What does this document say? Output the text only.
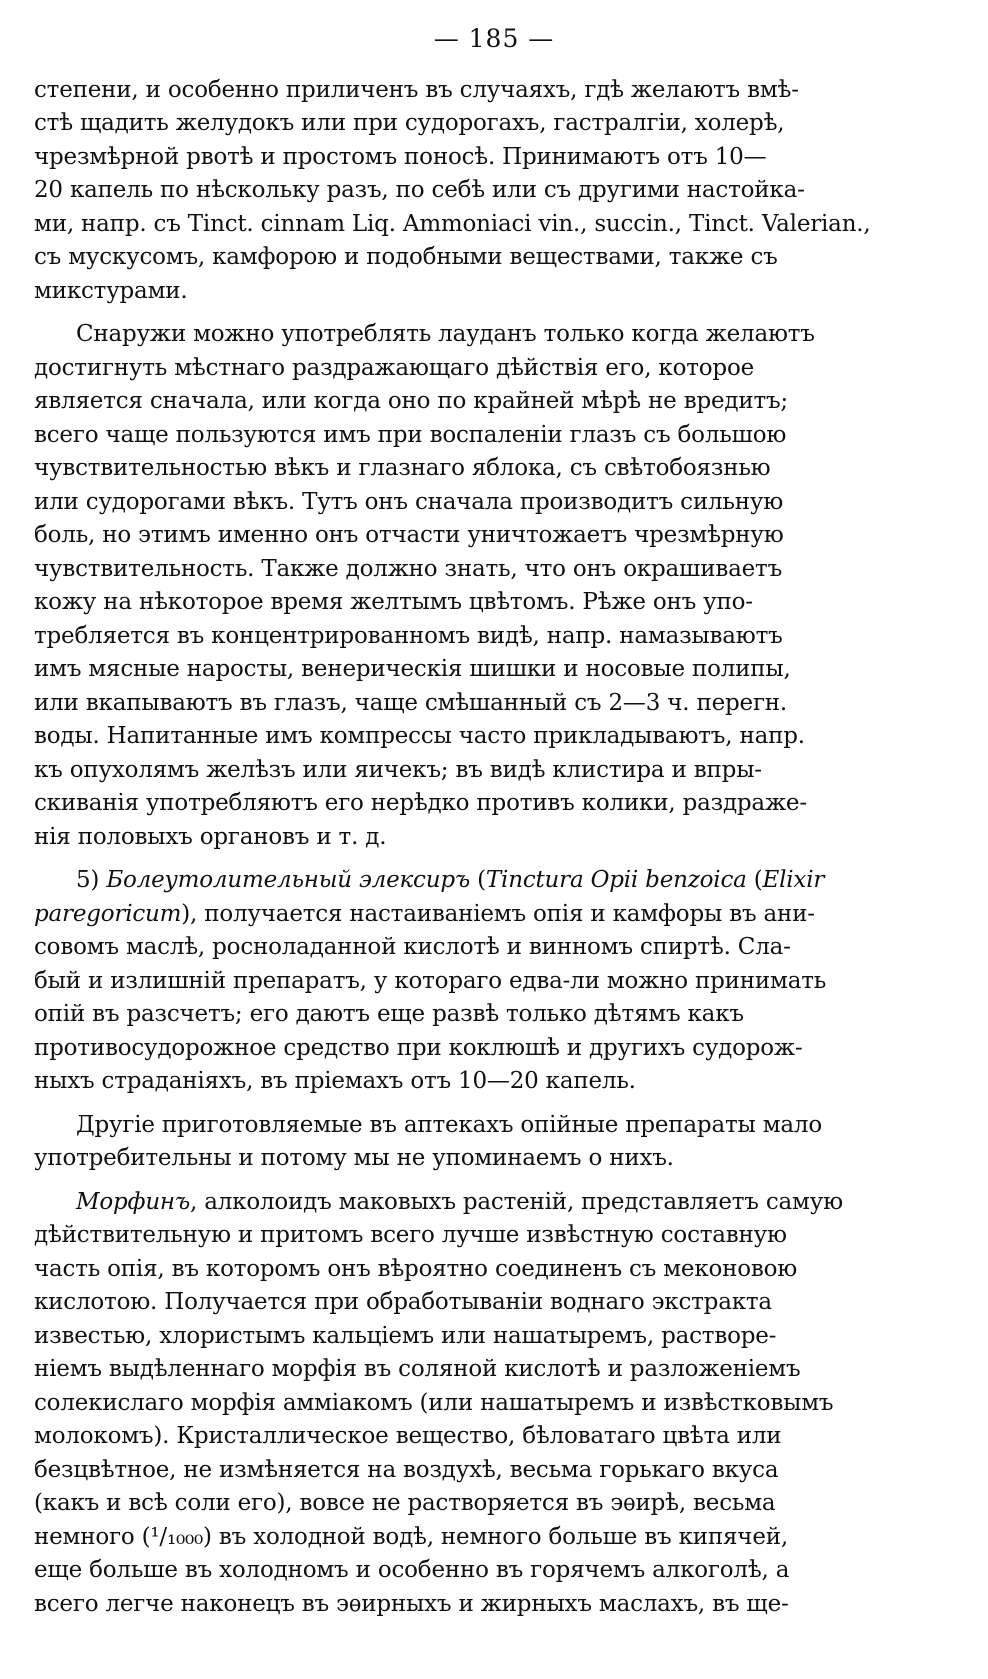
— 185 —
степени, и особенно приличенъ въ случаяхъ, гдѣ желаютъ вмѣ-
стѣ щадить желудокъ или при судорогахъ, гастралгіи, холерѣ,
чрезмѣрной рвотѣ и простомъ поносѣ. Принимаютъ отъ 10—
20 капель по нѣскольку разъ, по себѣ или съ другими настойка-
ми, напр. съ Tinct. cinnam Liq. Ammoniaci vin., succin., Tinct. Valerian.,
съ мускусомъ, камфорою и подобными веществами, также съ
микстурами.
Снаружи можно употреблять лауданъ только когда желаютъ
достигнуть мѣстнаго раздражающаго дѣйствія его, которое
является сначала, или когда оно по крайней мѣрѣ не вредитъ;
всего чаще пользуются имъ при воспаленіи глазъ съ большою
чувствительностью вѣкъ и глазнаго яблока, съ свѣтобоязнью
или судорогами вѣкъ. Тутъ онъ сначала производитъ сильную
боль, но этимъ именно онъ отчасти уничтожаетъ чрезмѣрную
чувствительность. Также должно знать, что онъ окрашиваетъ
кожу на нѣкоторое время желтымъ цвѣтомъ. Рѣже онъ упо-
требляется въ концентрированномъ видѣ, напр. намазываютъ
имъ мясные наросты, венерическія шишки и носовые полипы,
или вкапываютъ въ глазъ, чаще смѣшанный съ 2—3 ч. перегн.
воды. Напитанные имъ компрессы часто прикладываютъ, напр.
къ опухолямъ желѣзъ или яичекъ; въ видѣ клистира и впры-
скиванія употребляютъ его нерѣдко противъ колики, раздраже-
нія половыхъ органовъ и т. д.
5) Болеутолительный элексиръ (Tinctura Opii benzoica (Elixir
paregoricum), получается настаиваніемъ опія и камфоры въ ани-
совомъ маслѣ, росноладанной кислотѣ и винномъ спиртѣ. Сла-
бый и излишній препаратъ, у котораго едва-ли можно принимать
опій въ разсчетъ; его даютъ еще развѣ только дѣтямъ какъ
противосудорожное средство при коклюшѣ и другихъ судорож-
ныхъ страданіяхъ, въ пріемахъ отъ 10—20 капель.
Другіе приготовляемые въ аптекахъ опійные препараты мало
употребительны и потому мы не упоминаемъ о нихъ.
Морфинъ, алколоидъ маковыхъ растеній, представляетъ самую
дѣйствительную и притомъ всего лучше извѣстную составную
часть опія, въ которомъ онъ вѣроятно соединенъ съ меконовою
кислотою. Получается при обработываніи воднаго экстракта
известью, хлористымъ кальціемъ или нашатыремъ, растворе-
ніемъ выдѣленнаго морфія въ соляной кислотѣ и разложеніемъ
солекислаго морфія аммiакомъ (или нашатыремъ и извѣстковымъ
молокомъ). Кристаллическое вещество, бѣловатаго цвѣта или
безцвѣтное, не измѣняется на воздухѣ, весьма горькаго вкуса
(какъ и всѣ соли его), вовсе не растворяется въ эѳирѣ, весьма
немного (¹/₁₀₀₀) въ холодной водѣ, немного больше въ кипячей,
еще больше въ холодномъ и особенно въ горячемъ алкоголѣ, а
всего легче наконецъ въ эѳирныхъ и жирныхъ маслахъ, въ ще-
